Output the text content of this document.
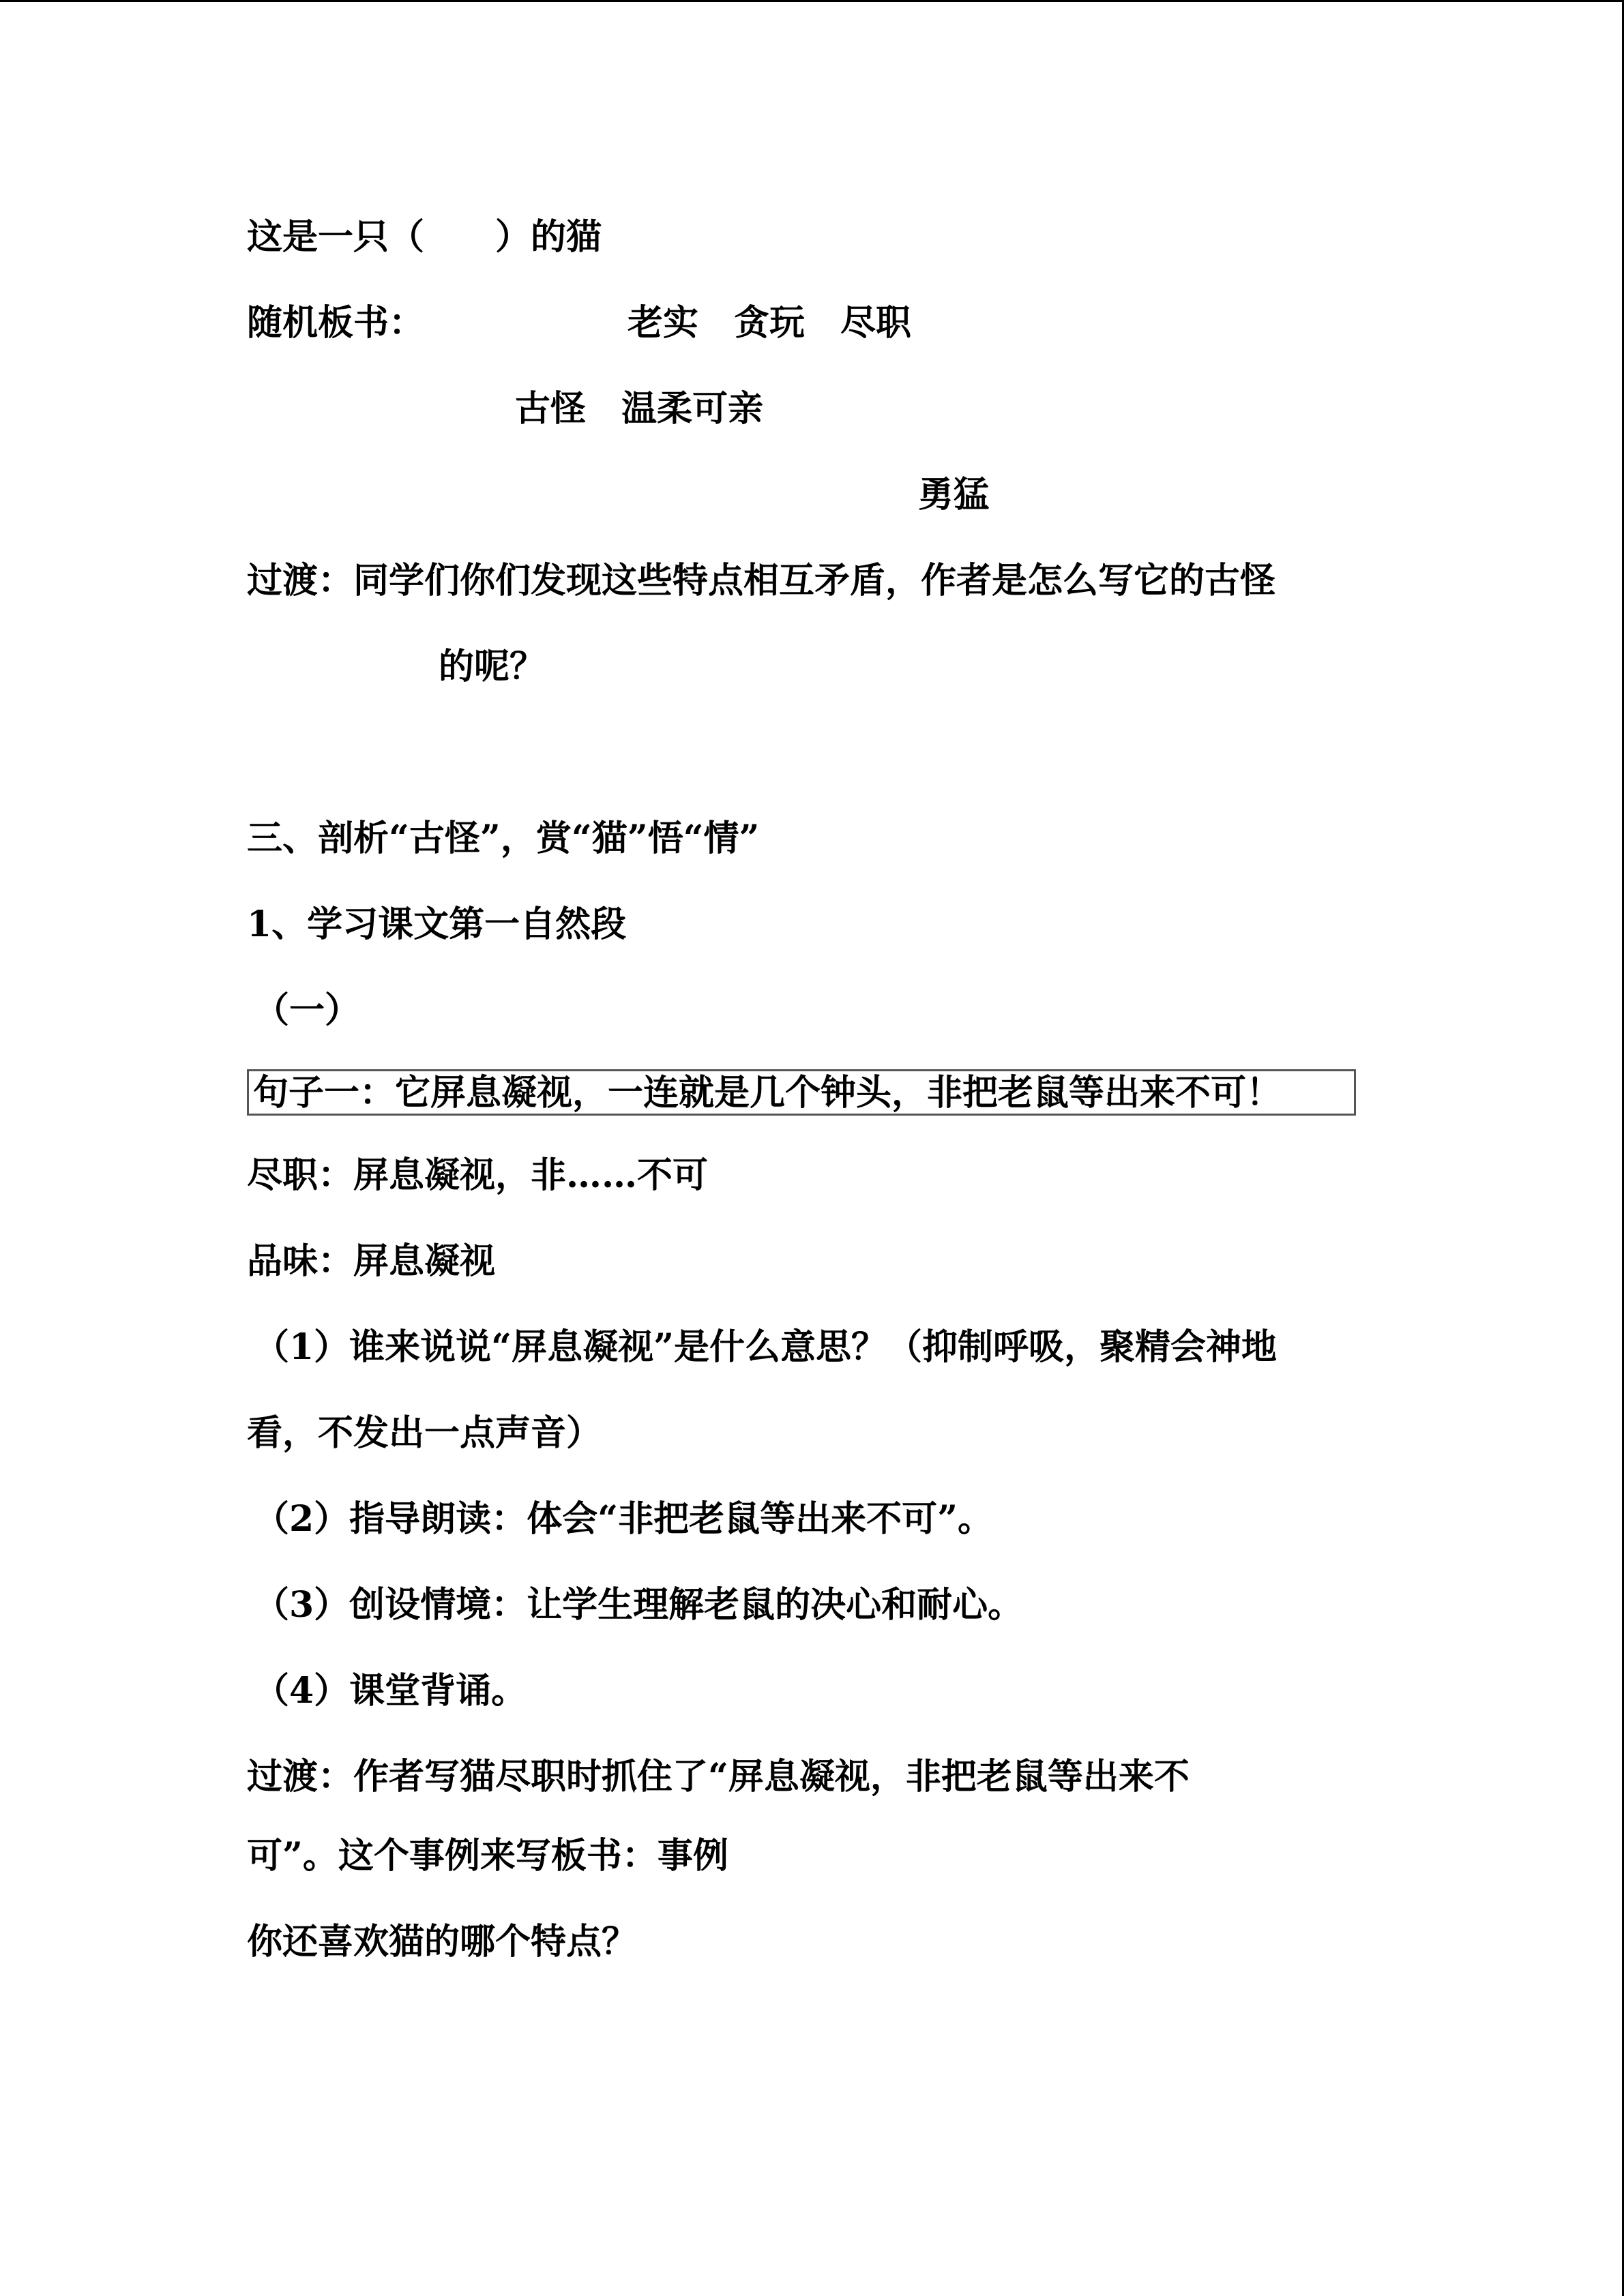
这是一只（　　）的猫
随机板书：	老实　贪玩　尽职
古怪　温柔可亲
勇猛
过渡：同学们你们发现这些特点相互矛盾，作者是怎么写它的古怪
的呢？
三、剖析“古怪”，赏“猫”悟“情”
1、学习课文第一自然段
（一）
句子一：它屏息凝视，一连就是几个钟头，非把老鼠等出来不可！
尽职：屏息凝视，非……不可
品味：屏息凝视
（1）谁来说说“屏息凝视”是什么意思？（抑制呼吸，聚精会神地
看，不发出一点声音）
（2）指导朗读：体会“非把老鼠等出来不可”。
（3）创设情境：让学生理解老鼠的决心和耐心。
（4）课堂背诵。
过渡：作者写猫尽职时抓住了“屏息凝视，非把老鼠等出来不
可”。这个事例来写板书：事例
你还喜欢猫的哪个特点？
